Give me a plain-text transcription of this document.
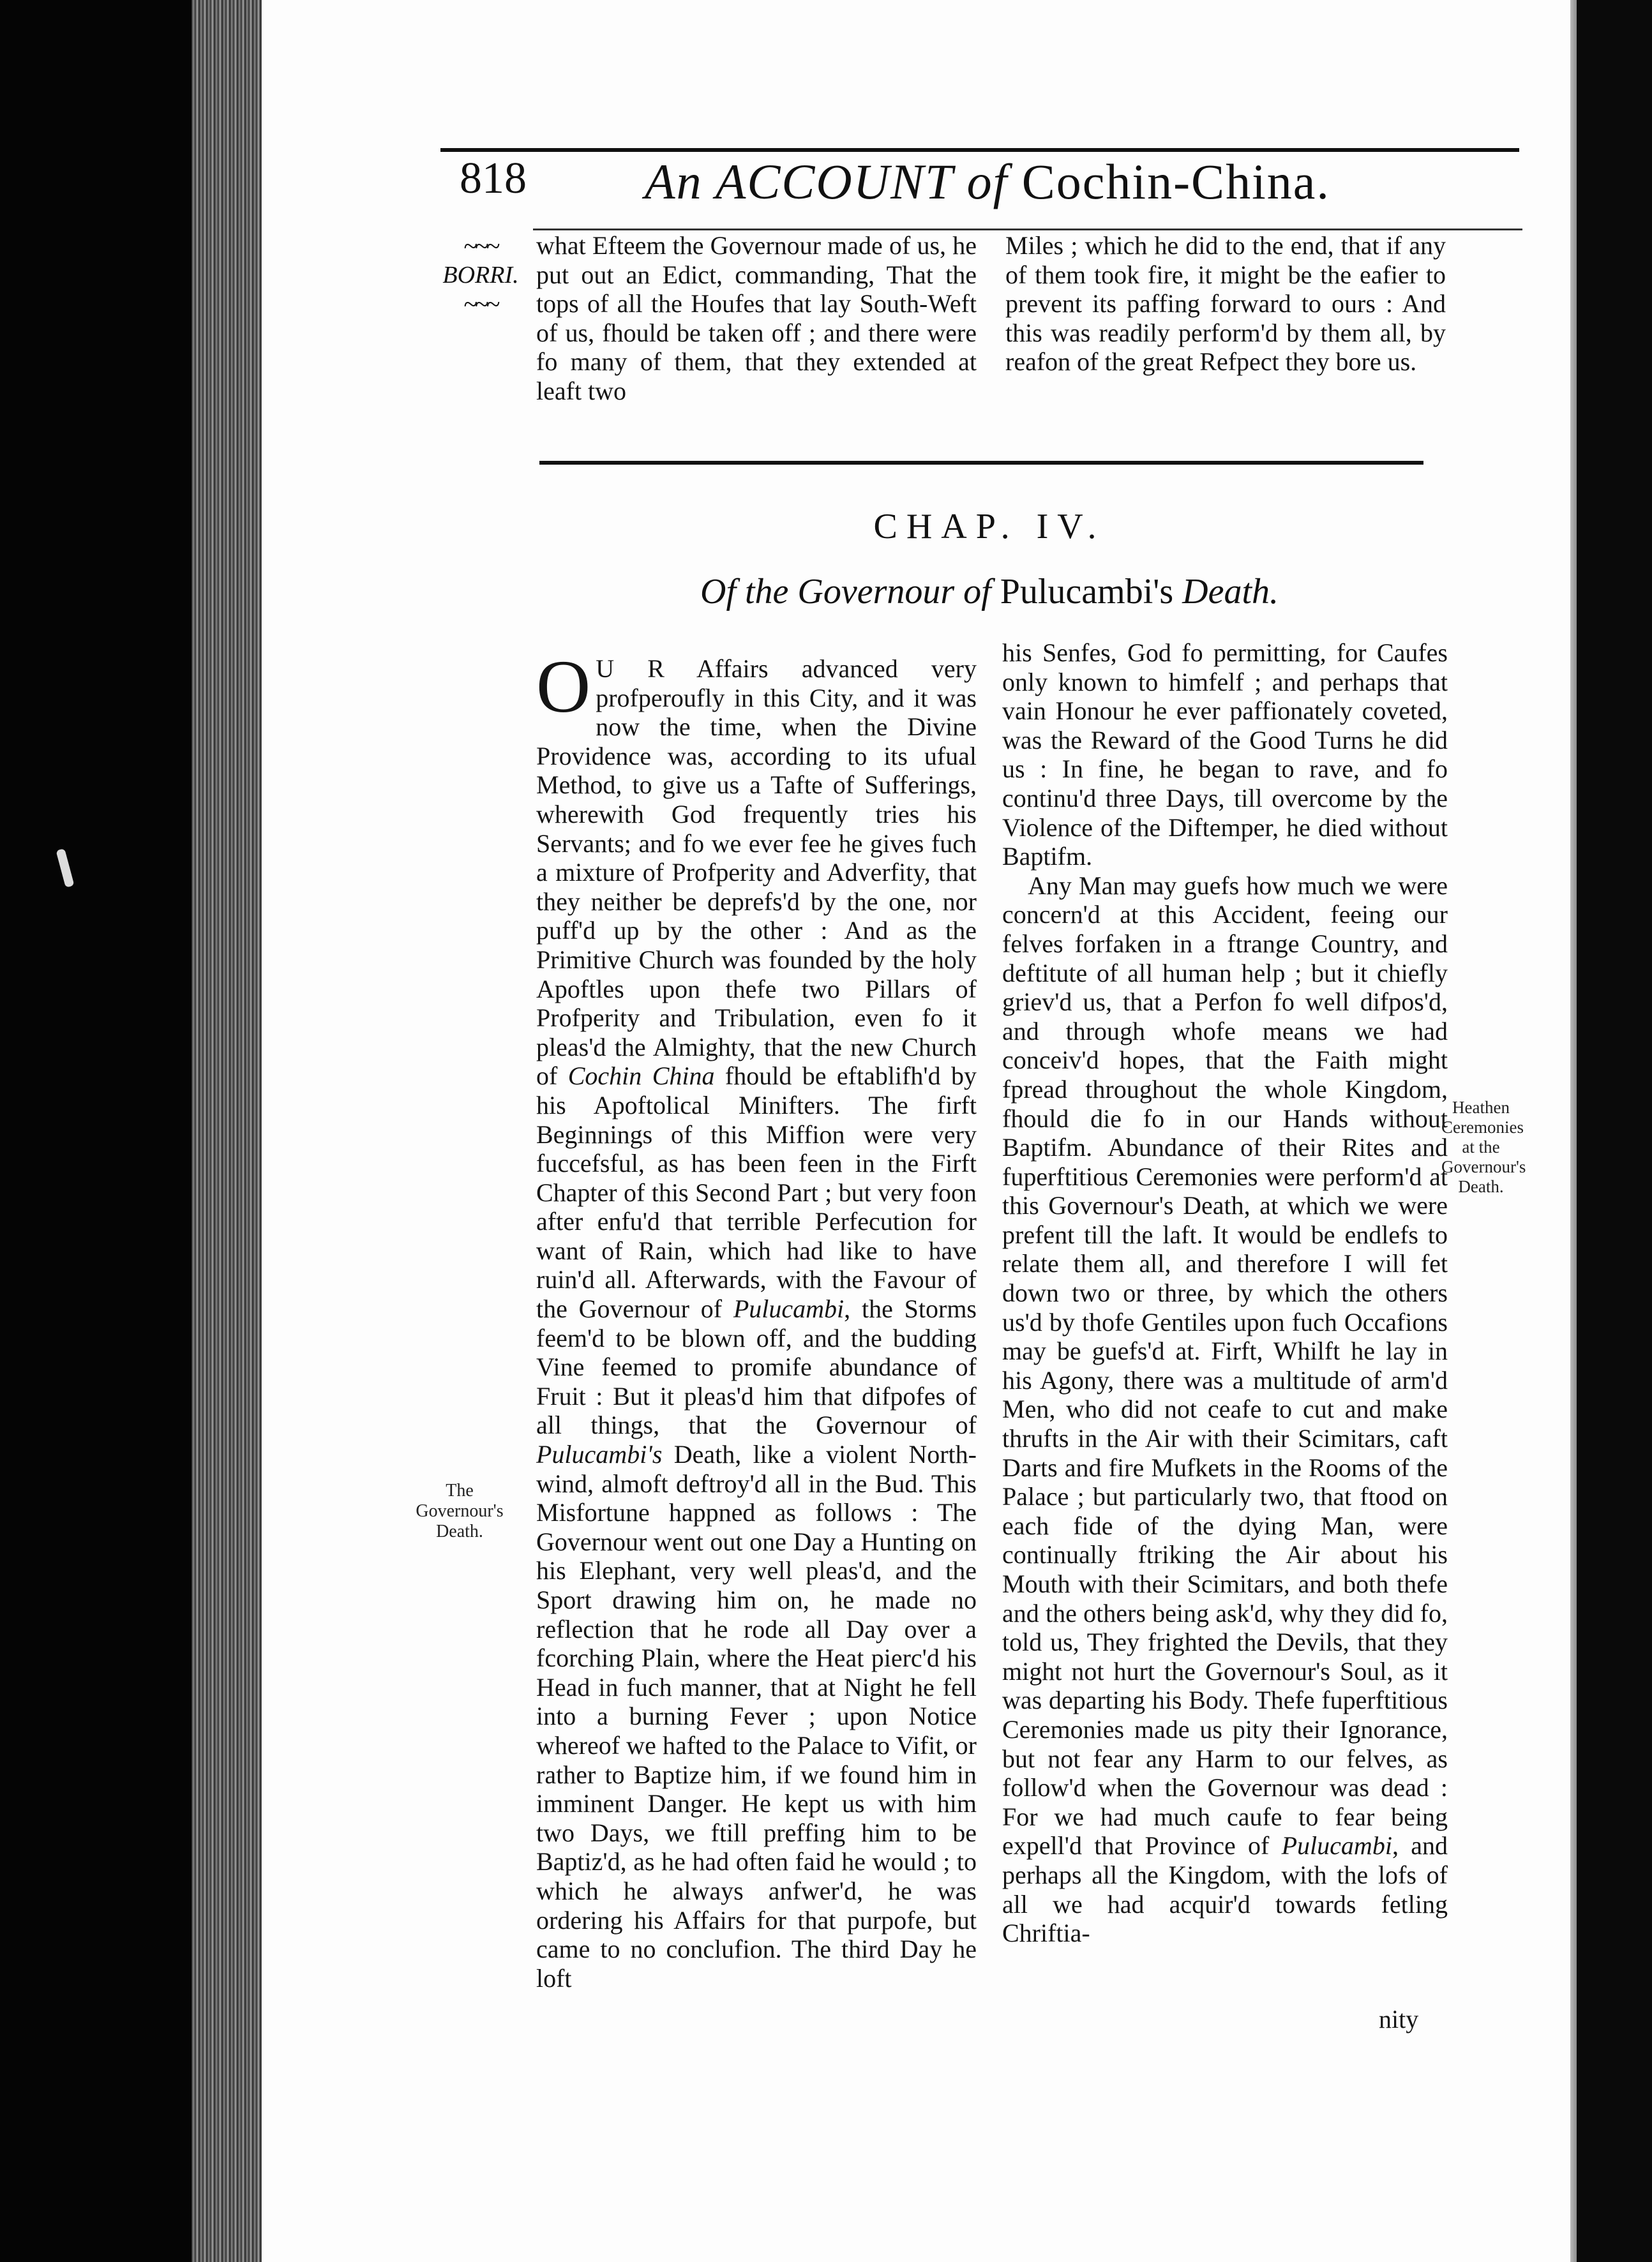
818 An ACCOUNT of Cochin-China.
~~~
BORRI.
~~~

what Efteem the Governour made of us, he put out an Edict, commanding, That the tops of all the Houfes that lay South-Weft of us, fhould be taken off ; and there were fo many of them, that they extended at leaft two

Miles ; which he did to the end, that if any of them took fire, it might be the eafier to prevent its paffing forward to ours : And this was readily perform'd by them all, by reafon of the great Refpect they bore us.

CHAP. IV.
Of the Governour of Pulucambi's Death.

O U R Affairs advanced very profperoufly in this City, and it was now the time, when the Divine Providence was, according to its ufual Method, to give us a Tafte of Sufferings, wherewith God frequently tries his Servants; and fo we ever fee he gives fuch a mixture of Profperity and Adverfity, that they neither be deprefs'd by the one, nor puff'd up by the other : And as the Primitive Church was founded by the holy Apoftles upon thefe two Pillars of Profperity and Tribulation, even fo it pleas'd the Almighty, that the new Church of Cochin China fhould be eftablifh'd by his Apoftolical Minifters. The firft Beginnings of this Miffion were very fuccefsful, as has been feen in the Firft Chapter of this Second Part ; but very foon after enfu'd that terrible Perfecution for want of Rain, which had like to have ruin'd all. Afterwards, with the Favour of the Governour of Pulucambi, the Storms feem'd to be blown off, and the budding Vine feemed to promife abundance of Fruit : But it pleas'd him that difpofes of all things, that the Governour of Pulucambi's Death, like a violent North-wind, almoft deftroy'd all in the Bud. This Misfortune happned as follows : The Governour went out one Day a Hunting on his Elephant, very well pleas'd, and the Sport drawing him on, he made no reflection that he rode all Day over a fcorching Plain, where the Heat pierc'd his Head in fuch manner, that at Night he fell into a burning Fever ; upon Notice whereof we hafted to the Palace to Vifit, or rather to Baptize him, if we found him in imminent Danger. He kept us with him two Days, we ftill preffing him to be Baptiz'd, as he had often faid he would ; to which he always anfwer'd, he was ordering his Affairs for that purpofe, but came to no conclufion. The third Day he loft

his Senfes, God fo permitting, for Caufes only known to himfelf ; and perhaps that vain Honour he ever paffionately coveted, was the Reward of the Good Turns he did us : In fine, he began to rave, and fo continu'd three Days, till overcome by the Violence of the Diftemper, he died without Baptifm.

Any Man may guefs how much we were concern'd at this Accident, feeing our felves forfaken in a ftrange Country, and deftitute of all human help ; but it chiefly griev'd us, that a Perfon fo well difpos'd, and through whofe means we had conceiv'd hopes, that the Faith might fpread throughout the whole Kingdom, fhould die fo in our Hands without Baptifm. Abundance of their Rites and fuperftitious Ceremonies were perform'd at this Governour's Death, at which we were prefent till the laft. It would be endlefs to relate them all, and therefore I will fet down two or three, by which the others us'd by thofe Gentiles upon fuch Occafions may be guefs'd at. Firft, Whilft he lay in his Agony, there was a multitude of arm'd Men, who did not ceafe to cut and make thrufts in the Air with their Scimitars, caft Darts and fire Mufkets in the Rooms of the Palace ; but particularly two, that ftood on each fide of the dying Man, were continually ftriking the Air about his Mouth with their Scimitars, and both thefe and the others being ask'd, why they did fo, told us, They frighted the Devils, that they might not hurt the Governour's Soul, as it was departing his Body. Thefe fuperftitious Ceremonies made us pity their Ignorance, but not fear any Harm to our felves, as follow'd when the Governour was dead : For we had much caufe to fear being expell'd that Province of Pulucambi, and perhaps all the Kingdom, with the lofs of all we had acquir'd towards fetling Chriftia-

nity
The Governour's Death.
Heathen Ceremonies at the Governour's Death.
